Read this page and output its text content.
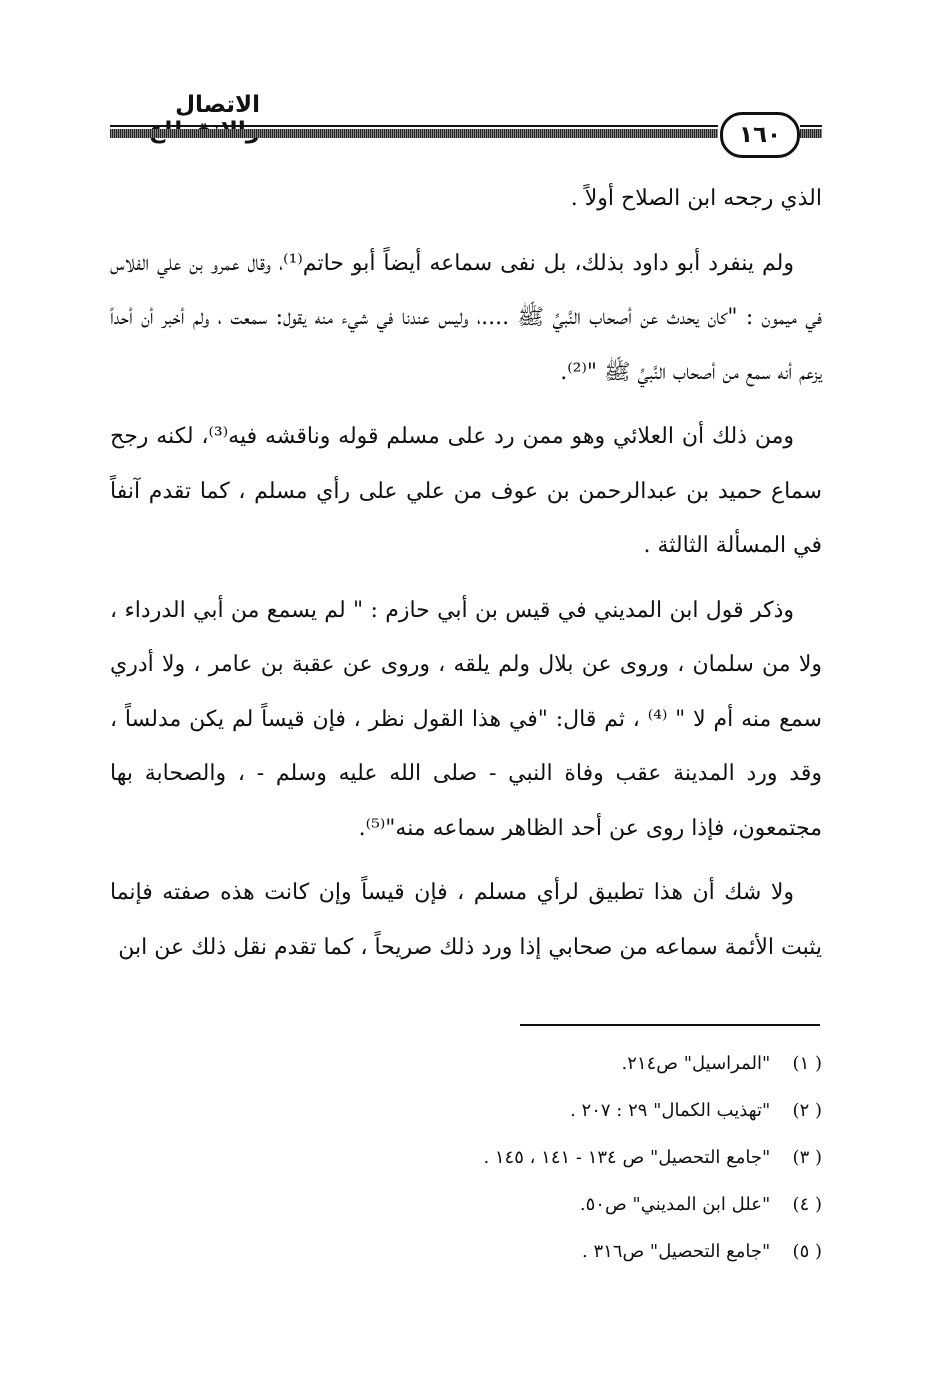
الاتصال
١٦٠

الذي رجحه ابن الصلاح أولاً .

ولم ينفرد أبو داود بذلك، بل نفى سماعه أيضاً أبو حاتم⁽¹⁾، وقال عمرو بن علي الفلاس في ميمون : "كان يحدث عن أصحاب النَّبيِّ ﷺ ....، وليس عندنا في شيء منه يقول: سمعت ، ولم أخبر أن أحداً يزعم أنه سمع من أصحاب النَّبيِّ ﷺ "⁽²⁾.

ومن ذلك أن العلائي وهو ممن رد على مسلم قوله وناقشه فيه⁽³⁾، لكنه رجح سماع حميد بن عبدالرحمن بن عوف من علي على رأي مسلم ، كما تقدم آنفاً في المسألة الثالثة .

وذكر قول ابن المديني في قيس بن أبي حازم : " لم يسمع من أبي الدرداء ، ولا من سلمان ، وروى عن بلال ولم يلقه ، وروى عن عقبة بن عامر ، ولا أدري سمع منه أم لا " ⁽⁴⁾ ، ثم قال: "في هذا القول نظر ، فإن قيساً لم يكن مدلساً ، وقد ورد المدينة عقب وفاة النبي - صلى الله عليه وسلم - ، والصحابة بها مجتمعون، فإذا روى عن أحد الظاهر سماعه منه"⁽⁵⁾.

ولا شك أن هذا تطبيق لرأي مسلم ، فإن قيساً وإن كانت هذه صفته فإنما يثبت الأئمة سماعه من صحابي إذا ورد ذلك صريحاً ، كما تقدم نقل ذلك عن ابن

( ١) "المراسيل" ص٢١٤.
( ٢) "تهذيب الكمال" ٢٩ : ٢٠٧ .
( ٣) "جامع التحصيل" ص ١٣٤ - ١٤١ ، ١٤٥ .
( ٤) "علل ابن المديني" ص٥٠.
( ٥) "جامع التحصيل" ص٣١٦ .
